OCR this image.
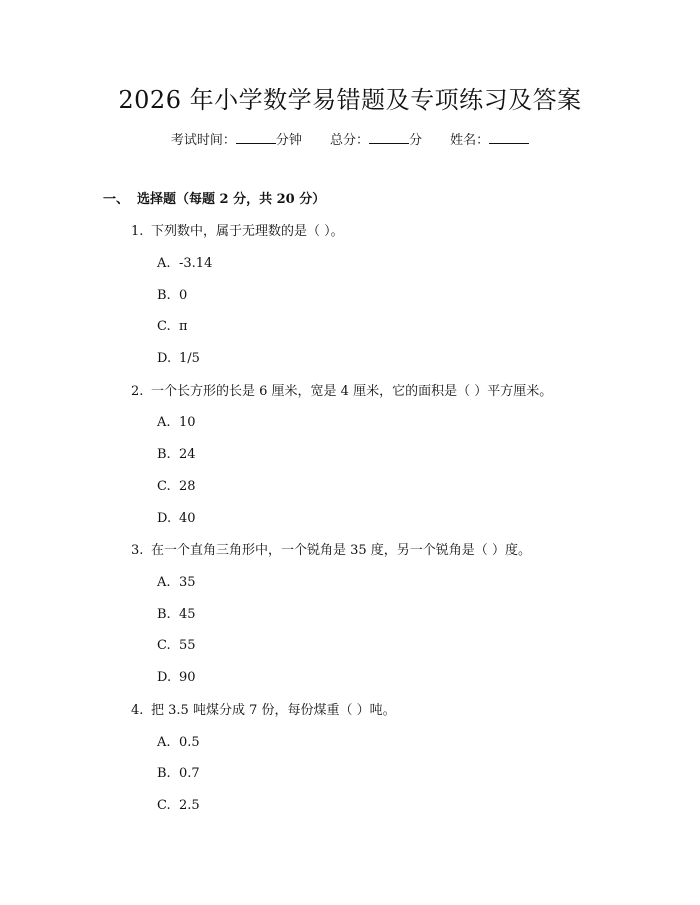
2026 年小学数学易错题及专项练习及答案
考试时间：	分钟 总分：	分 姓名：
一、 选择题（每题 2 分，共 20 分）
1. 下列数中，属于无理数的是（ ）。
A. -3.14
B. 0
C. π
D. 1/5
2. 一个长方形的长是 6 厘米，宽是 4 厘米，它的面积是（ ）平方厘米。
A. 10
B. 24
C. 28
D. 40
3. 在一个直角三角形中，一个锐角是 35 度，另一个锐角是（ ）度。
A. 35
B. 45
C. 55
D. 90
4. 把 3.5 吨煤分成 7 份，每份煤重（ ）吨。
A. 0.5
B. 0.7
C. 2.5
